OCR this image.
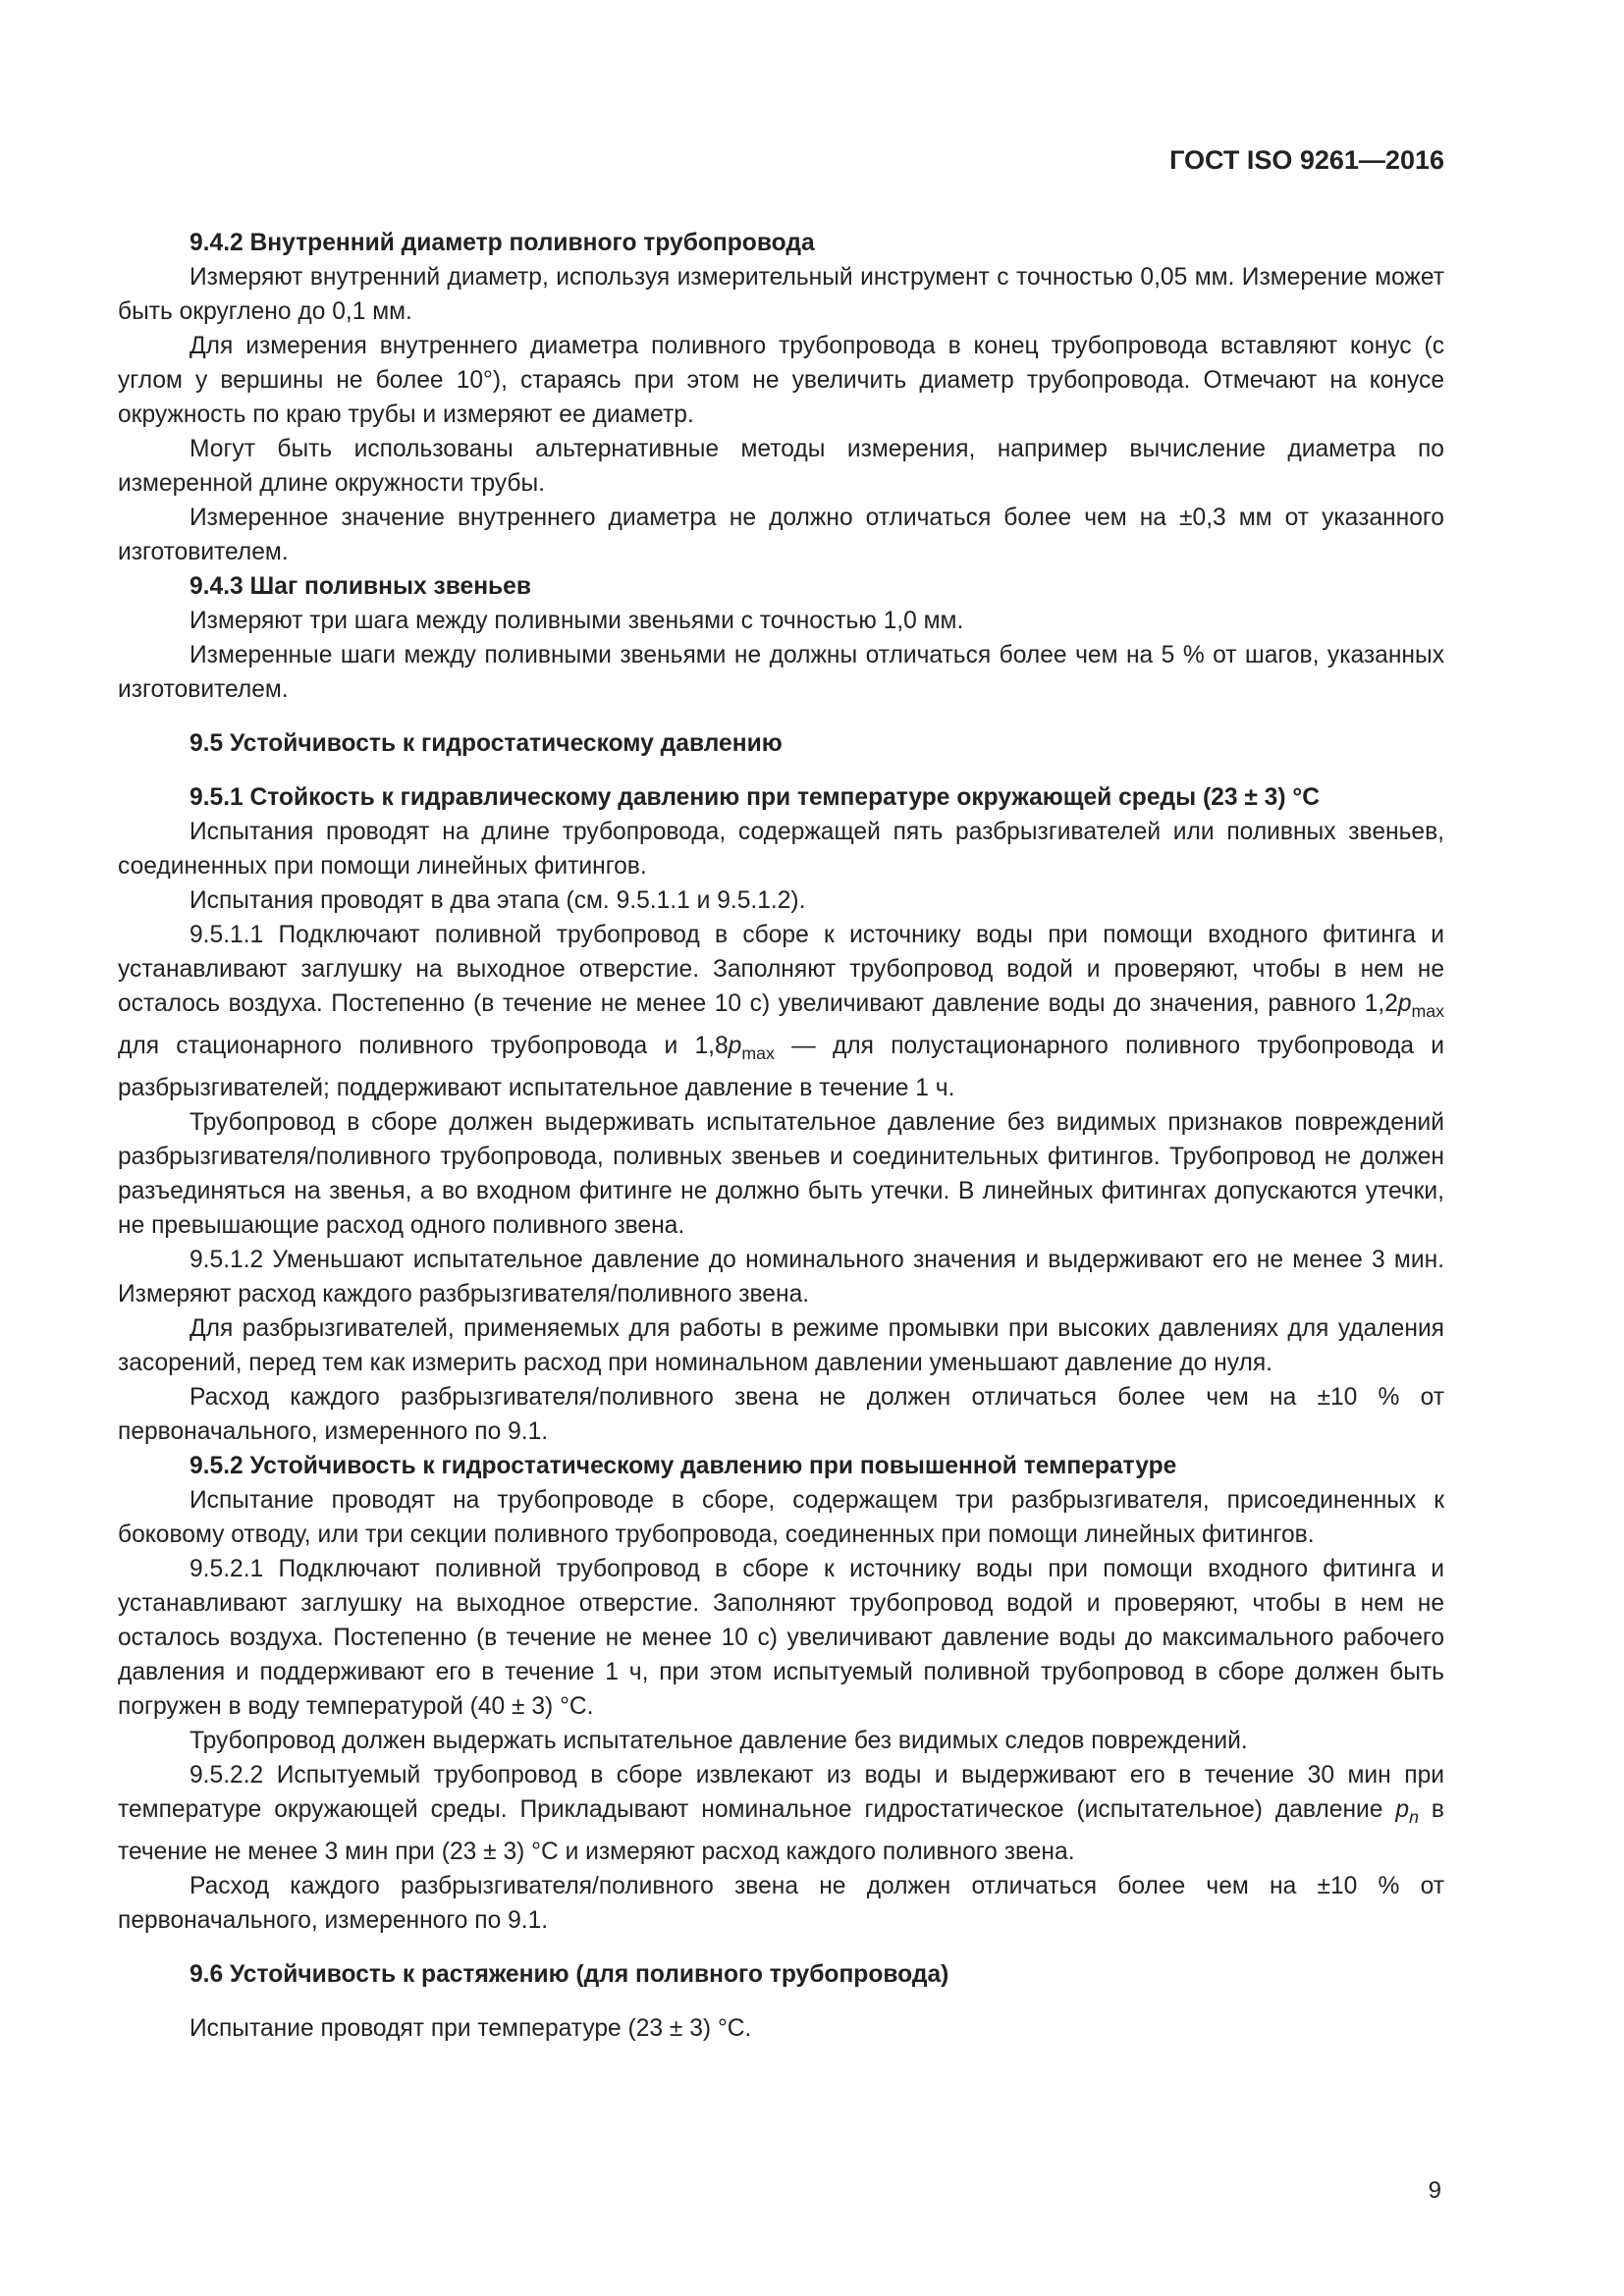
ГОСТ ISO 9261—2016

9.4.2 Внутренний диаметр поливного трубопровода

Измеряют внутренний диаметр, используя измерительный инструмент с точностью 0,05 мм. Измерение может быть округлено до 0,1 мм.

Для измерения внутреннего диаметра поливного трубопровода в конец трубопровода вставляют конус (с углом у вершины не более 10°), стараясь при этом не увеличить диаметр трубопровода. Отмечают на конусе окружность по краю трубы и измеряют ее диаметр.

Могут быть использованы альтернативные методы измерения, например вычисление диаметра по измеренной длине окружности трубы.

Измеренное значение внутреннего диаметра не должно отличаться более чем на ±0,3 мм от указанного изготовителем.

9.4.3 Шаг поливных звеньев

Измеряют три шага между поливными звеньями с точностью 1,0 мм.

Измеренные шаги между поливными звеньями не должны отличаться более чем на 5 % от шагов, указанных изготовителем.

9.5 Устойчивость к гидростатическому давлению

9.5.1 Стойкость к гидравлическому давлению при температуре окружающей среды (23 ± 3) °С

Испытания проводят на длине трубопровода, содержащей пять разбрызгивателей или поливных звеньев, соединенных при помощи линейных фитингов.

Испытания проводят в два этапа (см. 9.5.1.1 и 9.5.1.2).

9.5.1.1 Подключают поливной трубопровод в сборе к источнику воды при помощи входного фитинга и устанавливают заглушку на выходное отверстие. Заполняют трубопровод водой и проверяют, чтобы в нем не осталось воздуха. Постепенно (в течение не менее 10 с) увеличивают давление воды до значения, равного $1,2p_{max}$ для стационарного поливного трубопровода и $1,8p_{max}$ — для полустационарного поливного трубопровода и разбрызгивателей; поддерживают испытательное давление в течение 1 ч.

Трубопровод в сборе должен выдерживать испытательное давление без видимых признаков повреждений разбрызгивателя/поливного трубопровода, поливных звеньев и соединительных фитингов. Трубопровод не должен разъединяться на звенья, а во входном фитинге не должно быть утечки. В линейных фитингах допускаются утечки, не превышающие расход одного поливного звена.

9.5.1.2 Уменьшают испытательное давление до номинального значения и выдерживают его не менее 3 мин. Измеряют расход каждого разбрызгивателя/поливного звена.

Для разбрызгивателей, применяемых для работы в режиме промывки при высоких давлениях для удаления засорений, перед тем как измерить расход при номинальном давлении уменьшают давление до нуля.

Расход каждого разбрызгивателя/поливного звена не должен отличаться более чем на ±10 % от первоначального, измеренного по 9.1.

9.5.2 Устойчивость к гидростатическому давлению при повышенной температуре

Испытание проводят на трубопроводе в сборе, содержащем три разбрызгивателя, присоединенных к боковому отводу, или три секции поливного трубопровода, соединенных при помощи линейных фитингов.

9.5.2.1 Подключают поливной трубопровод в сборе к источнику воды при помощи входного фитинга и устанавливают заглушку на выходное отверстие. Заполняют трубопровод водой и проверяют, чтобы в нем не осталось воздуха. Постепенно (в течение не менее 10 с) увеличивают давление воды до максимального рабочего давления и поддерживают его в течение 1 ч, при этом испытуемый поливной трубопровод в сборе должен быть погружен в воду температурой (40 ± 3) °С.

Трубопровод должен выдержать испытательное давление без видимых следов повреждений.

9.5.2.2 Испытуемый трубопровод в сборе извлекают из воды и выдерживают его в течение 30 мин при температуре окружающей среды. Прикладывают номинальное гидростатическое (испытательное) давление $p_n$ в течение не менее 3 мин при (23 ± 3) °С и измеряют расход каждого поливного звена.

Расход каждого разбрызгивателя/поливного звена не должен отличаться более чем на ±10 % от первоначального, измеренного по 9.1.

9.6 Устойчивость к растяжению (для поливного трубопровода)

Испытание проводят при температуре (23 ± 3) °С.

9
